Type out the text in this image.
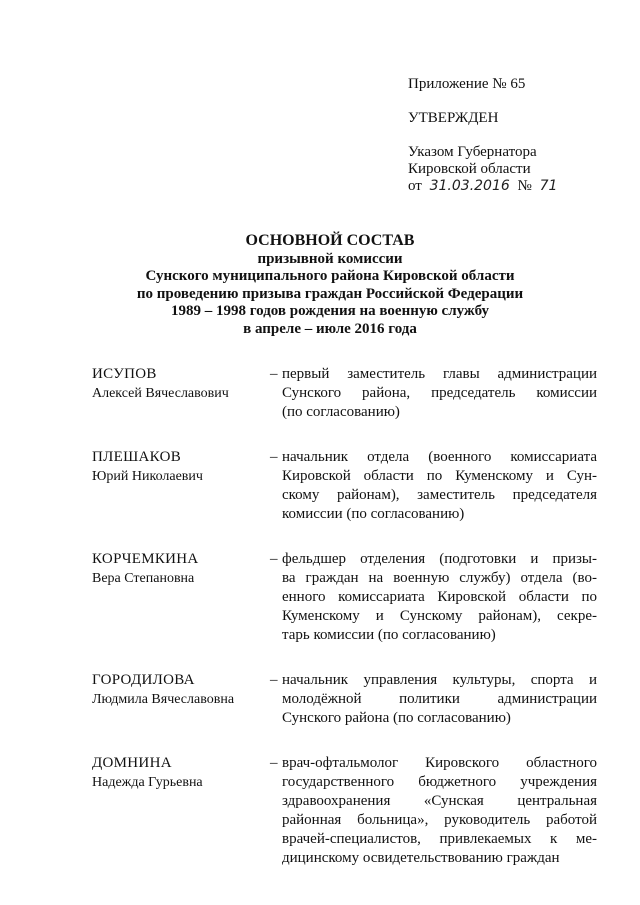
Приложение № 65
УТВЕРЖДЕН
Указом Губернатора
Кировской области
от 31.03.2016 № 71
ОСНОВНОЙ СОСТАВ
призывной комиссии
Сунского муниципального района Кировской области
по проведению призыва граждан Российской Федерации
1989 – 1998 годов рождения на военную службу
в апреле – июле 2016 года
ИСУПОВ
Алексей Вячеславович
– первый заместитель главы администрации
Сунского района, председатель комиссии
(по согласованию)
ПЛЕШАКОВ
Юрий Николаевич
– начальник отдела (военного комиссариата
Кировской области по Куменскому и Сун-
скому районам), заместитель председателя
комиссии (по согласованию)
КОРЧЕМКИНА
Вера Степановна
– фельдшер отделения (подготовки и призы-
ва граждан на военную службу) отдела (во-
енного комиссариата Кировской области по
Куменскому и Сунскому районам), секре-
тарь комиссии (по согласованию)
ГОРОДИЛОВА
Людмила Вячеславовна
– начальник управления культуры, спорта и
молодёжной политики администрации
Сунского района (по согласованию)
ДОМНИНА
Надежда Гурьевна
– врач-офтальмолог Кировского областного
государственного бюджетного учреждения
здравоохранения «Сунская центральная
районная больница», руководитель работой
врачей-специалистов, привлекаемых к ме-
дицинскому освидетельствованию граждан
